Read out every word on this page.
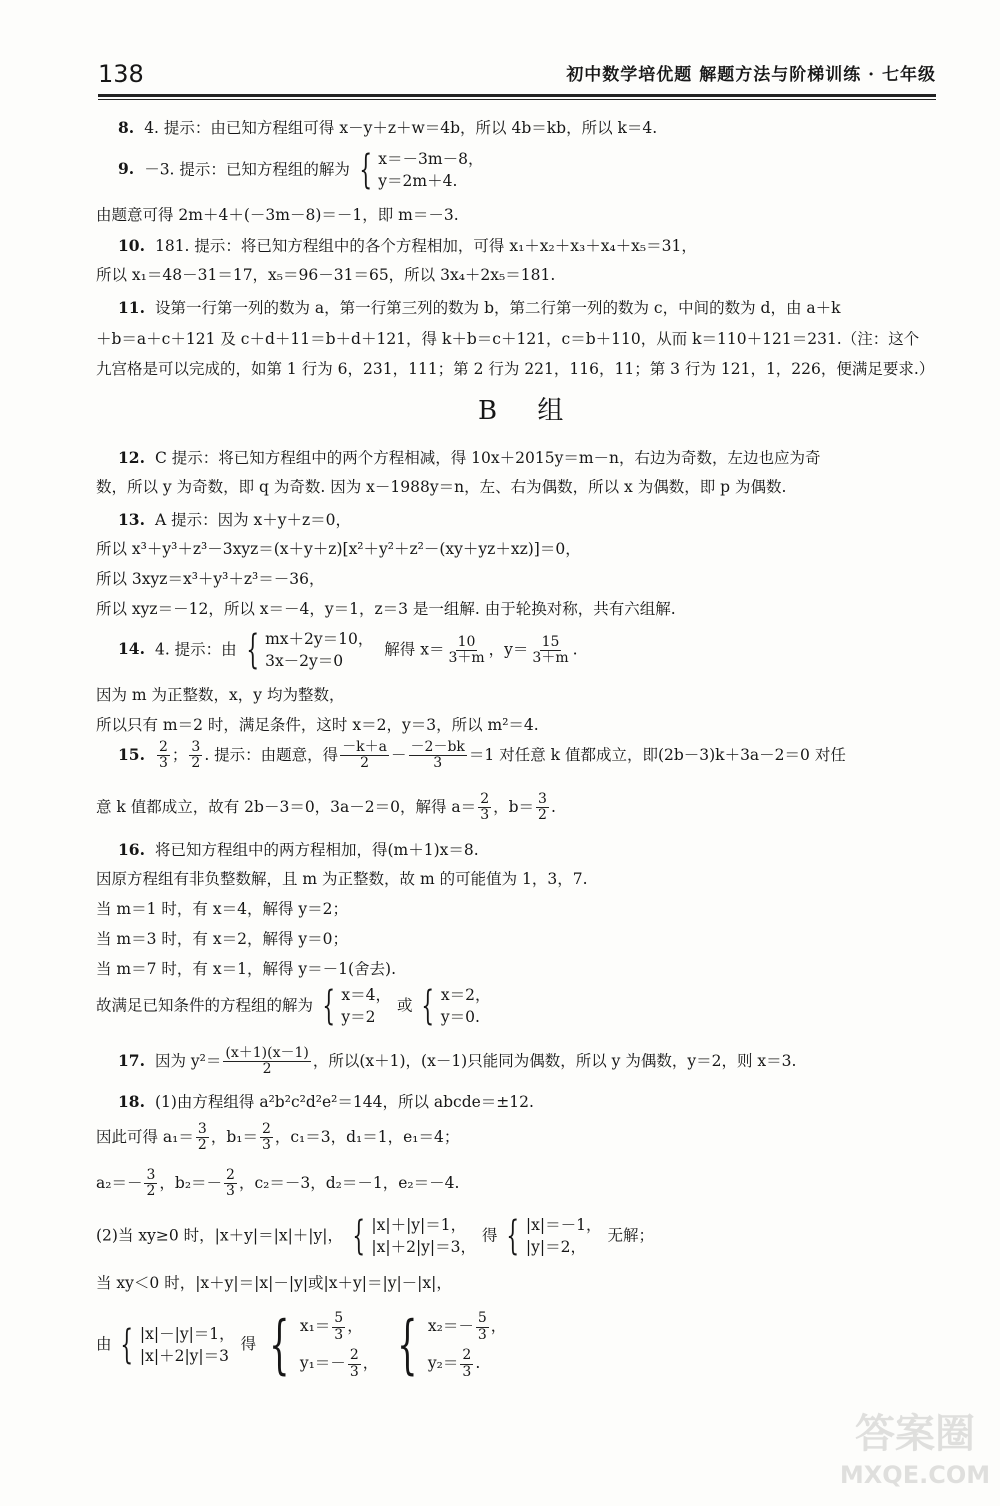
138	初中数学培优题 解题方法与阶梯训练 · 七年级
8. 4. 提示：由已知方程组可得 x－y＋z＋w＝4b，所以 4b＝kb，所以 k＝4.
9. －3. 提示：已知方程组的解为 { x＝－3m－8，
y＝2m＋4.
由题意可得 2m＋4＋(－3m－8)＝－1，即 m＝－3.
10. 181. 提示：将已知方程组中的各个方程相加，可得 x₁＋x₂＋x₃＋x₄＋x₅＝31，
所以 x₁＝48－31＝17，x₅＝96－31＝65，所以 3x₄＋2x₅＝181.
11. 设第一行第一列的数为 a，第一行第三列的数为 b，第二行第一列的数为 c，中间的数为 d，由 a＋k
＋b＝a＋c＋121 及 c＋d＋11＝b＋d＋121，得 k＋b＝c＋121，c＝b＋110，从而 k＝110＋121＝231.（注：这个
九宫格是可以完成的，如第 1 行为 6，231，111；第 2 行为 221，116，11；第 3 行为 121，1，226，便满足要求.）
B 组
12. C 提示：将已知方程组中的两个方程相减，得 10x＋2015y＝m－n，右边为奇数，左边也应为奇
数，所以 y 为奇数，即 q 为奇数. 因为 x－1988y＝n，左、右为偶数，所以 x 为偶数，即 p 为偶数.
13. A 提示：因为 x＋y＋z＝0，
所以 x³＋y³＋z³－3xyz＝(x＋y＋z)[x²＋y²＋z²－(xy＋yz＋xz)]＝0，
所以 3xyz＝x³＋y³＋z³＝－36，
所以 xyz＝－12，所以 x＝－4，y＝1，z＝3 是一组解. 由于轮换对称，共有六组解.
14. 4. 提示：由 { mx＋2y＝10，
3x－2y＝0
解得 $x= \frac{10}{3+m}$ ，$y= \frac{15}{3+m}$ .
因为 m 为正整数，x，y 均为整数，
所以只有 m＝2 时，满足条件，这时 x＝2，y＝3，所以 m²＝4.
15. $\frac{2}{3}$ ； $\frac{3}{2}$ . 提示：由题意，得 $\frac{-k+a}{2} - \frac{-2-bk}{3} =1$ 对任意 k 值都成立，即(2b－3)k＋3a－2＝0 对任
意 k 值都成立，故有 2b－3＝0，3a－2＝0，解得 $a= \frac{2}{3}$ ，$b= \frac{3}{2}$ .
16. 将已知方程组中的两方程相加，得(m＋1)x＝8.
因原方程组有非负整数解，且 m 为正整数，故 m 的可能值为 1，3，7.
当 m＝1 时，有 x＝4，解得 y＝2；
当 m＝3 时，有 x＝2，解得 y＝0；
当 m＝7 时，有 x＝1，解得 y＝－1(舍去).
故满足已知条件的方程组的解为 { x＝4，
y＝2
或 { x＝2，
y＝0.
17. 因为 $y^2= \frac{(x+1)(x-1)}{2}$ ，所以(x＋1)，(x－1)只能同为偶数，所以 y 为偶数，y＝2，则 x＝3.
18. (1)由方程组得 a²b²c²d²e²＝144，所以 abcde＝±12.
因此可得 $a_1= \frac{3}{2}$ ，$b_1= \frac{2}{3}$ ，c₁＝3，d₁＝1，e₁＝4；
$a_2=- \frac{3}{2}$ ，$b_2=- \frac{2}{3}$ ，c₂＝－3，d₂＝－1，e₂＝－4.
(2)当 xy≥0 时，|x＋y|＝|x|＋|y|， { |x|＋|y|＝1，
|x|＋2|y|＝3，
得 { |x|＝－1，
|y|＝2，
无解；
当 xy＜0 时，|x＋y|＝|x|－|y|或|x＋y|＝|y|－|x|，
由 { |x|－|y|＝1，
|x|＋2|y|＝3
得 { $x_1= \frac{5}{3}$ ，
$y_1=- \frac{2}{3}$ ，
{ $x_2=- \frac{5}{3}$ ，
$y_2= \frac{2}{3}$ .
答案圈
MXQE.COM
